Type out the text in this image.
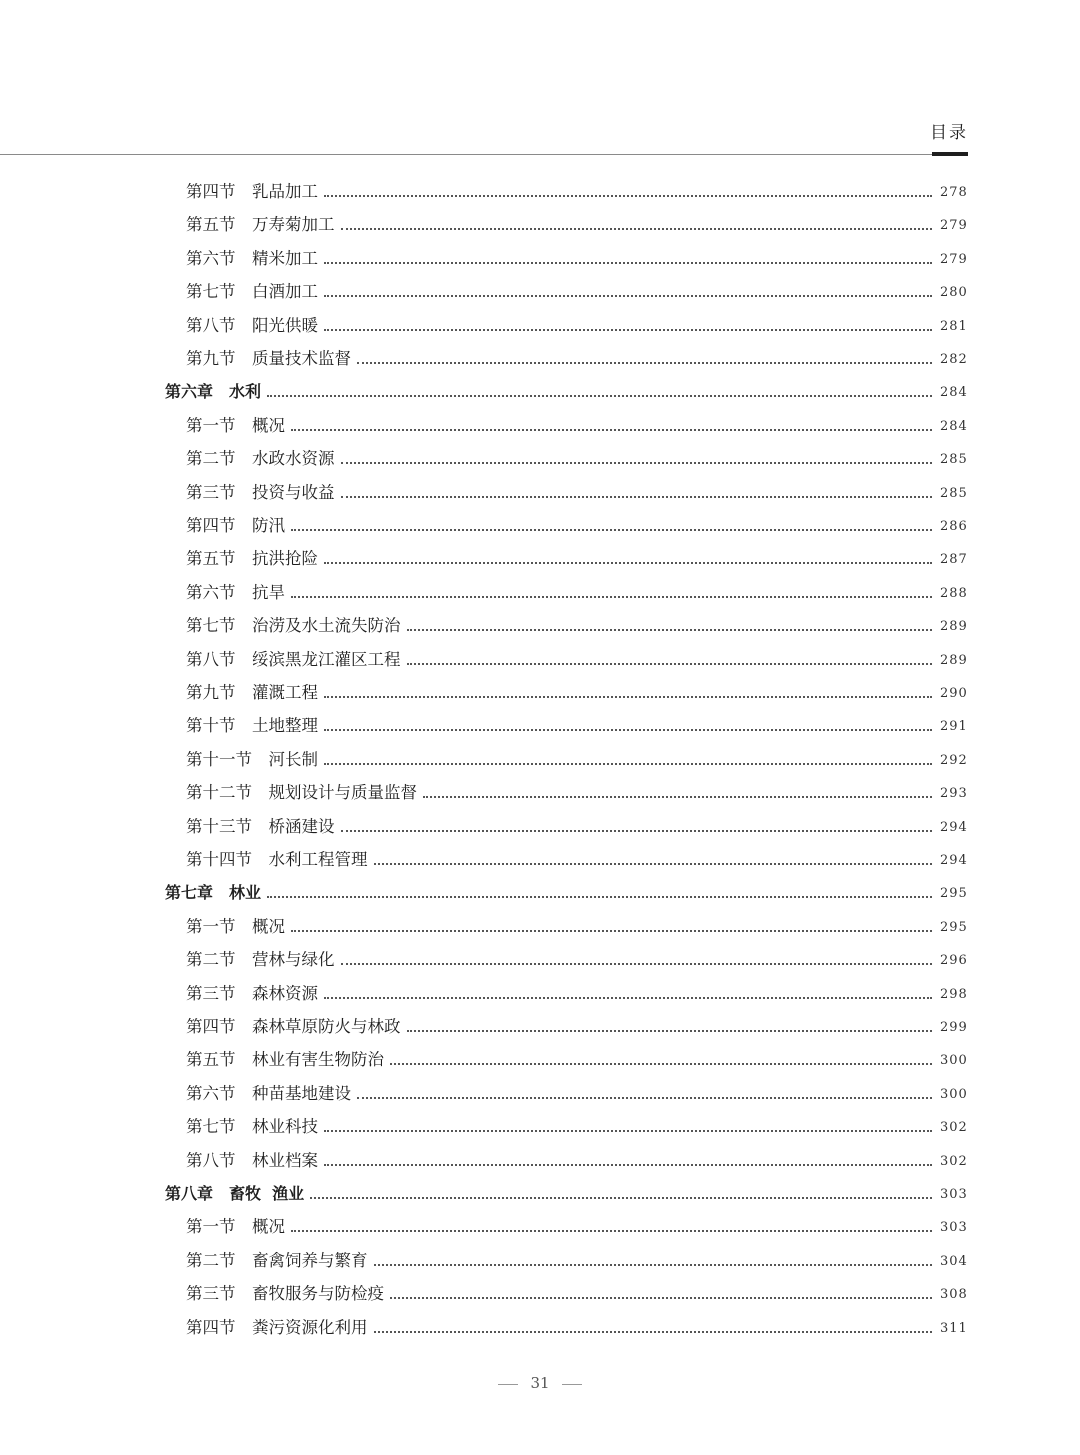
目录
第四节　 乳品加工	278
第五节　 万寿菊加工	279
第六节　 精米加工	279
第七节　 白酒加工	280
第八节　 阳光供暖	281
第九节　 质量技术监督	282
第六章　 水利	284
第一节　 概况	284
第二节　 水政水资源	285
第三节　 投资与收益	285
第四节　 防汛	286
第五节　 抗洪抢险	287
第六节　 抗旱	288
第七节　 治涝及水土流失防治	289
第八节　 绥滨黑龙江灌区工程	289
第九节　 灌溉工程	290
第十节　 土地整理	291
第十一节　 河长制	292
第十二节　 规划设计与质量监督	293
第十三节　 桥涵建设	294
第十四节　 水利工程管理	294
第七章　 林业	295
第一节　 概况	295
第二节　 营林与绿化	296
第三节　 森林资源	298
第四节　 森林草原防火与林政	299
第五节　 林业有害生物防治	300
第六节　 种苗基地建设	300
第七节　 林业科技	302
第八节　 林业档案	302
第八章　 畜牧  渔业	303
第一节　 概况	303
第二节　 畜禽饲养与繁育	304
第三节　 畜牧服务与防检疫	308
第四节　 粪污资源化利用	311
31
